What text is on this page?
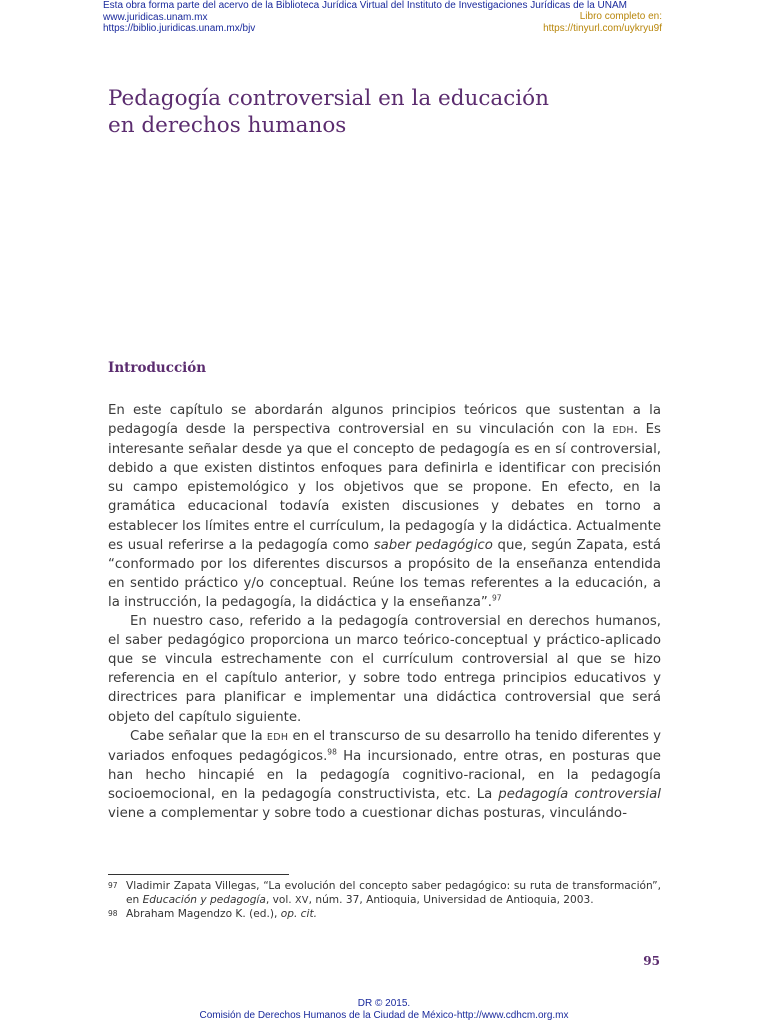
Esta obra forma parte del acervo de la Biblioteca Jurídica Virtual del Instituto de Investigaciones Jurídicas de la UNAM
www.juridicas.unam.mx
https://biblio.juridicas.unam.mx/bjv
Libro completo en:
https://tinyurl.com/uykryu9f
Pedagogía controversial en la educación
en derechos humanos
Introducción

En este capítulo se abordarán algunos principios teóricos que sustentan a la pedagogía desde la perspectiva controversial en su vinculación con la EDH. Es interesante señalar desde ya que el concepto de pedagogía es en sí controversial, debido a que existen distintos enfoques para definirla e identificar con precisión su campo epistemológico y los objetivos que se propone. En efecto, en la gramática educacional todavía existen discusiones y debates en torno a establecer los límites entre el currículum, la pedagogía y la didáctica. Actualmente es usual referirse a la pedagogía como saber pedagógico que, según Zapata, está “conformado por los diferentes discursos a propósito de la enseñanza entendida en sentido práctico y/o conceptual. Reúne los temas referentes a la educación, a la instrucción, la pedagogía, la didáctica y la enseñanza”.$^{97}$

En nuestro caso, referido a la pedagogía controversial en derechos humanos, el saber pedagógico proporciona un marco teórico-conceptual y práctico-aplicado que se vincula estrechamente con el currículum controversial al que se hizo referencia en el capítulo anterior, y sobre todo entrega principios educativos y directrices para planificar e implementar una didáctica controversial que será objeto del capítulo siguiente.

Cabe señalar que la EDH en el transcurso de su desarrollo ha tenido diferentes y variados enfoques pedagógicos.$^{98}$ Ha incursionado, entre otras, en posturas que han hecho hincapié en la pedagogía cognitivo-racional, en la pedagogía socioemocional, en la pedagogía constructivista, etc. La pedagogía controversial viene a complementar y sobre todo a cuestionar dichas posturas, vinculándo-

97 Vladimir Zapata Villegas, “La evolución del concepto saber pedagógico: su ruta de transformación”, en Educación y pedagogía, vol. XV, núm. 37, Antioquia, Universidad de Antioquia, 2003.
98 Abraham Magendzo K. (ed.), op. cit.
95
DR © 2015.
Comisión de Derechos Humanos de la Ciudad de México-http://www.cdhcm.org.mx
